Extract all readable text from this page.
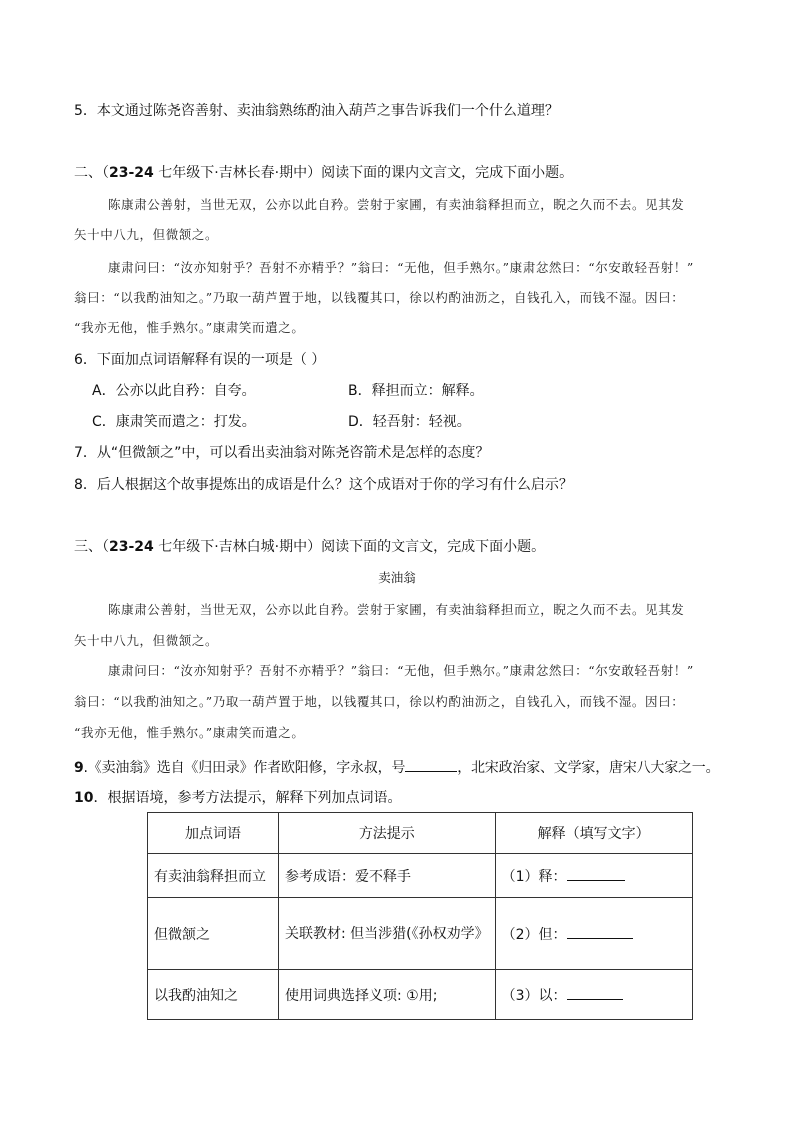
5．本文通过陈尧咨善射、卖油翁熟练酌油入葫芦之事告诉我们一个什么道理？
二、（23-24 七年级下·吉林长春·期中）阅读下面的课内文言文，完成下面小题。
陈康肃公善射，当世无双，公亦以此自矜。尝射于家圃，有卖油翁释担而立，睨之久而不去。见其发
矢十中八九，但微颔之。
康肃问曰：“汝亦知射乎？吾射不亦精乎？”翁曰：“无他，但手熟尔。”康肃忿然曰：“尔安敢轻吾射！”
翁曰：“以我酌油知之。”乃取一葫芦置于地，以钱覆其口，徐以杓酌油沥之，自钱孔入，而钱不湿。因曰：
“我亦无他，惟手熟尔。”康肃笑而遣之。
6．下面加点词语解释有误的一项是（ ）
A．公亦以此自矜：自夸。	B．释担而立：解释。
C．康肃笑而遣之：打发。	D．轻吾射：轻视。
7．从“但微颔之”中，可以看出卖油翁对陈尧咨箭术是怎样的态度？
8．后人根据这个故事提炼出的成语是什么？这个成语对于你的学习有什么启示？
三、（23-24 七年级下·吉林白城·期中）阅读下面的文言文，完成下面小题。
卖油翁
陈康肃公善射，当世无双，公亦以此自矜。尝射于家圃，有卖油翁释担而立，睨之久而不去。见其发
矢十中八九，但微颔之。
康肃问曰：“汝亦知射乎？吾射不亦精乎？”翁曰：“无他，但手熟尔。”康肃忿然曰：“尔安敢轻吾射！”
翁曰：“以我酌油知之。”乃取一葫芦置于地，以钱覆其口，徐以杓酌油沥之，自钱孔入，而钱不湿。因曰：
“我亦无他，惟手熟尔。”康肃笑而遣之。
9.《卖油翁》选自《归田录》作者欧阳修，字永叔，号	，北宋政治家、文学家，唐宋八大家之一。
10．根据语境，参考方法提示，解释下列加点词语。
加点词语	方法提示	解释（填写文字）
有卖油翁释担而立	参考成语：爱不释手	（1）释：
但微颔之	关联教材: 但当涉猎(《孙权劝学》	（2）但：
以我酌油知之	使用词典选择义项: ①用;	（3）以：
